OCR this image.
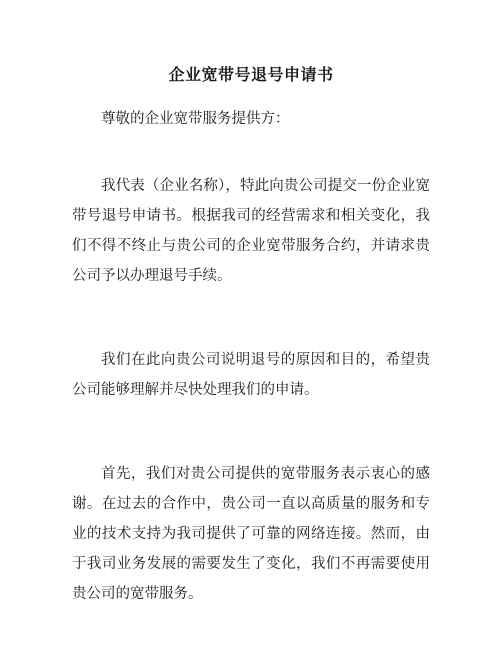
企业宽带号退号申请书

尊敬的企业宽带服务提供方：

我代表（企业名称），特此向贵公司提交一份企业宽带号退号申请书。根据我司的经营需求和相关变化，我们不得不终止与贵公司的企业宽带服务合约，并请求贵公司予以办理退号手续。

我们在此向贵公司说明退号的原因和目的，希望贵公司能够理解并尽快处理我们的申请。

首先，我们对贵公司提供的宽带服务表示衷心的感谢。在过去的合作中，贵公司一直以高质量的服务和专业的技术支持为我司提供了可靠的网络连接。然而，由于我司业务发展的需要发生了变化，我们不再需要使用贵公司的宽带服务。
